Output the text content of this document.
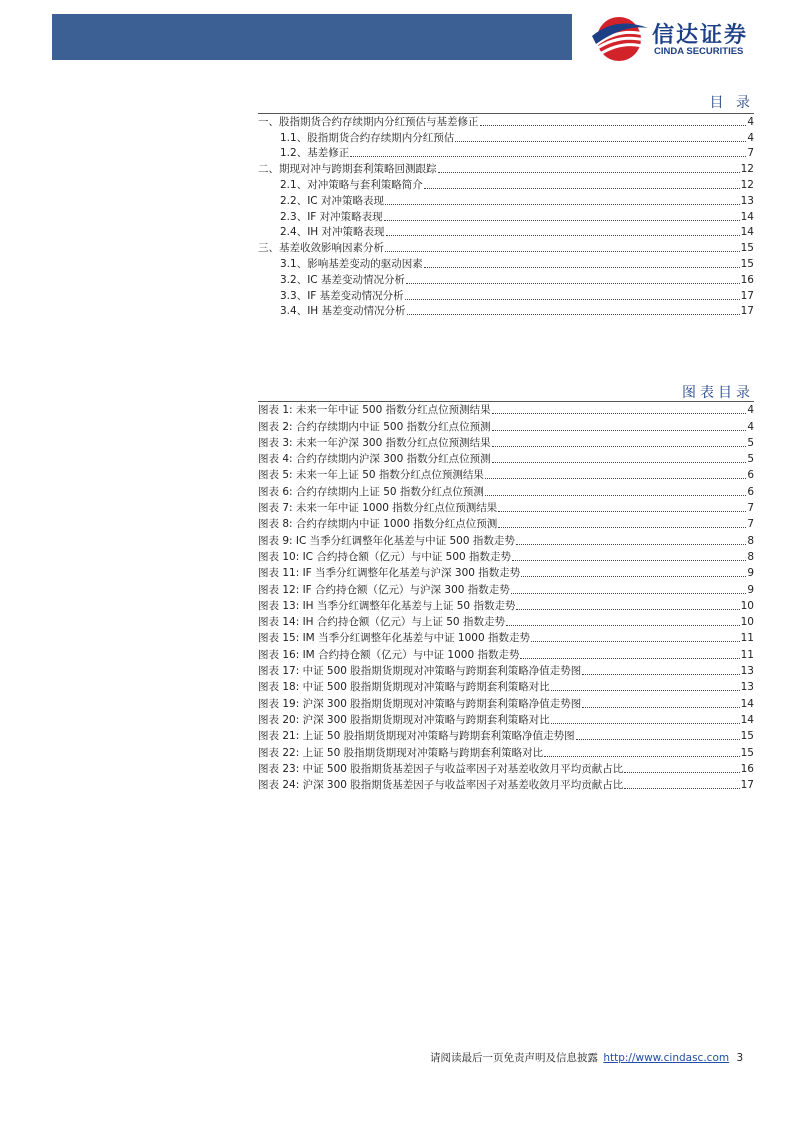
信达证券
CINDA SECURITIES
目 录
一、股指期货合约存续期内分红预估与基差修正	4
1.1、股指期货合约存续期内分红预估	4
1.2、基差修正	7
二、期现对冲与跨期套利策略回测跟踪	12
2.1、对冲策略与套利策略简介	12
2.2、IC 对冲策略表现	13
2.3、IF 对冲策略表现	14
2.4、IH 对冲策略表现	14
三、基差收敛影响因素分析	15
3.1、影响基差变动的驱动因素	15
3.2、IC 基差变动情况分析	16
3.3、IF 基差变动情况分析	17
3.4、IH 基差变动情况分析	17
图表目录
图表 1: 未来一年中证 500 指数分红点位预测结果	4
图表 2: 合约存续期内中证 500 指数分红点位预测	4
图表 3: 未来一年沪深 300 指数分红点位预测结果	5
图表 4: 合约存续期内沪深 300 指数分红点位预测	5
图表 5: 未来一年上证 50 指数分红点位预测结果	6
图表 6: 合约存续期内上证 50 指数分红点位预测	6
图表 7: 未来一年中证 1000 指数分红点位预测结果	7
图表 8: 合约存续期内中证 1000 指数分红点位预测	7
图表 9: IC 当季分红调整年化基差与中证 500 指数走势	8
图表 10: IC 合约持仓额（亿元）与中证 500 指数走势	8
图表 11: IF 当季分红调整年化基差与沪深 300 指数走势	9
图表 12: IF 合约持仓额（亿元）与沪深 300 指数走势	9
图表 13: IH 当季分红调整年化基差与上证 50 指数走势	10
图表 14: IH 合约持仓额（亿元）与上证 50 指数走势	10
图表 15: IM 当季分红调整年化基差与中证 1000 指数走势	11
图表 16: IM 合约持仓额（亿元）与中证 1000 指数走势	11
图表 17: 中证 500 股指期货期现对冲策略与跨期套利策略净值走势图	13
图表 18: 中证 500 股指期货期现对冲策略与跨期套利策略对比	13
图表 19: 沪深 300 股指期货期现对冲策略与跨期套利策略净值走势图	14
图表 20: 沪深 300 股指期货期现对冲策略与跨期套利策略对比	14
图表 21: 上证 50 股指期货期现对冲策略与跨期套利策略净值走势图	15
图表 22: 上证 50 股指期货期现对冲策略与跨期套利策略对比	15
图表 23: 中证 500 股指期货基差因子与收益率因子对基差收敛月平均贡献占比	16
图表 24: 沪深 300 股指期货基差因子与收益率因子对基差收敛月平均贡献占比	17
请阅读最后一页免责声明及信息披露 http://www.cindasc.com 3
